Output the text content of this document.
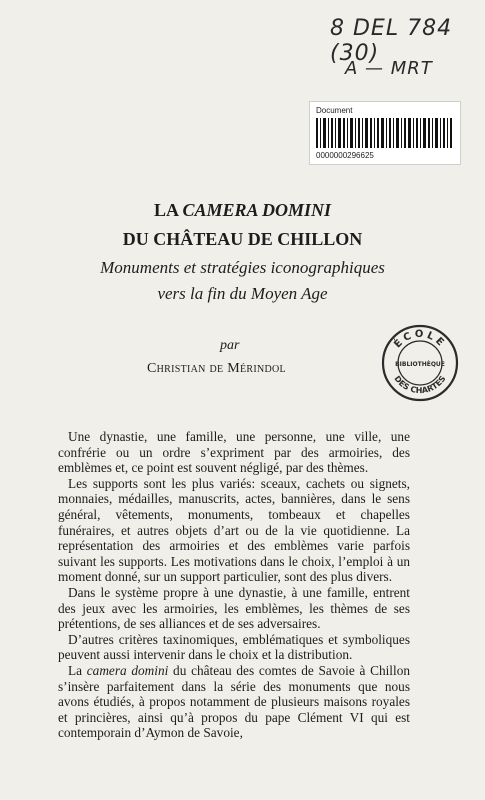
8 DEL 784 (30)
A — MRT
Document
0000000296625
LA CAMERA DOMINI
DU CHÂTEAU DE CHILLON
Monuments et stratégies iconographiques
vers la fin du Moyen Age
par
Christian de Mérindol
ÉCOLE
BIBLIOTHÈQUE
DES CHARTES

Une dynastie, une famille, une personne, une ville, une confrérie ou un ordre s’expriment par des armoiries, des emblèmes et, ce point est souvent négligé, par des thèmes.

Les supports sont les plus variés: sceaux, cachets ou signets, monnaies, médailles, manuscrits, actes, bannières, dans le sens général, vêtements, monuments, tombeaux et chapelles funéraires, et autres objets d’art ou de la vie quotidienne. La représentation des armoiries et des emblèmes varie parfois suivant les supports. Les motivations dans le choix, l’emploi à un moment donné, sur un support particulier, sont des plus divers.

Dans le système propre à une dynastie, à une famille, entrent des jeux avec les armoiries, les emblèmes, les thèmes de ses prétentions, de ses alliances et de ses adversaires.

D’autres critères taxinomiques, emblématiques et symboliques peuvent aussi intervenir dans le choix et la distribution.

La camera domini du château des comtes de Savoie à Chillon s’insère parfaitement dans la série des monuments que nous avons étudiés, à propos notamment de plusieurs maisons royales et princières, ainsi qu’à propos du pape Clément VI qui est contemporain d’Aymon de Savoie,
